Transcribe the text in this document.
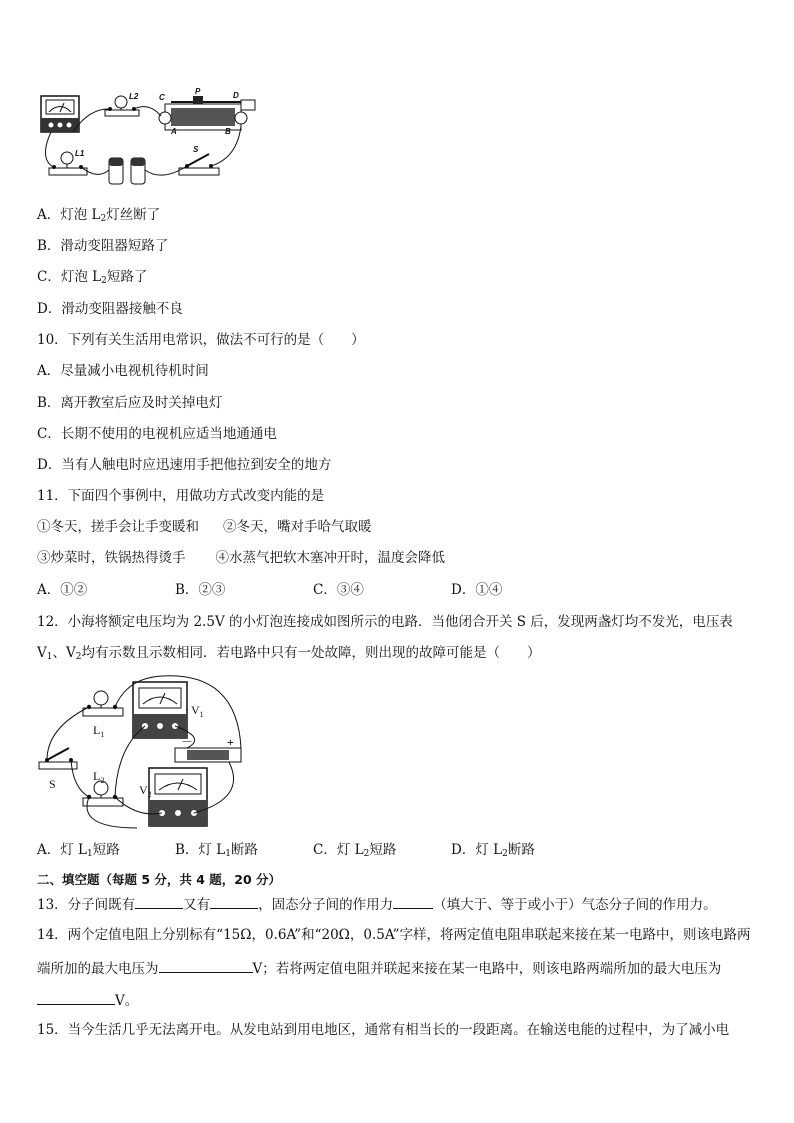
L2	C
P	D
A	B
L1	S
A．灯泡 $L_2$灯丝断了
B．滑动变阻器短路了
C．灯泡 $L_2$短路了
D．滑动变阻器接触不良
10．下列有关生活用电常识，做法不可行的是（　　）
A．尽量减小电视机待机时间
B．离开教室后应及时关掉电灯
C．长期不使用的电视机应适当地通通电
D．当有人触电时应迅速用手把他拉到安全的地方
11．下面四个事例中，用做功方式改变内能的是
①冬天，搓手会让手变暖和 ②冬天，嘴对手哈气取暖
③炒菜时，铁锅热得烫手 ④水蒸气把软木塞冲开时，温度会降低
A．①②	B．②③	C．③④	D．①④
12．小海将额定电压均为 2.5V 的小灯泡连接成如图所示的电路．当他闭合开关 S 后，发现两盏灯均不发光，电压表
$V_1$、$V_2$均有示数且示数相同．若电路中只有一处故障，则出现的故障可能是（　　）
$L_1$
$V_1$
－	+
S
$L_2$
$V_2$
A．灯 $L_1$短路	B．灯 $L_1$断路	C．灯 $L_2$短路	D．灯 $L_2$断路
二、填空题（每题 5 分，共 4 题，20 分）
13．分子间既有	又有	，固态分子间的作用力	（填大于、等于或小于）气态分子间的作用力。
14．两个定值电阻上分别标有“15Ω，0.6A”和“20Ω，0.5A”字样，将两定值电阻串联起来接在某一电路中，则该电路两
端所加的最大电压为	V；若将两定值电阻并联起来接在某一电路中，则该电路两端所加的最大电压为
V。
15．当今生活几乎无法离开电。从发电站到用电地区，通常有相当长的一段距离。在输送电能的过程中，为了减小电
